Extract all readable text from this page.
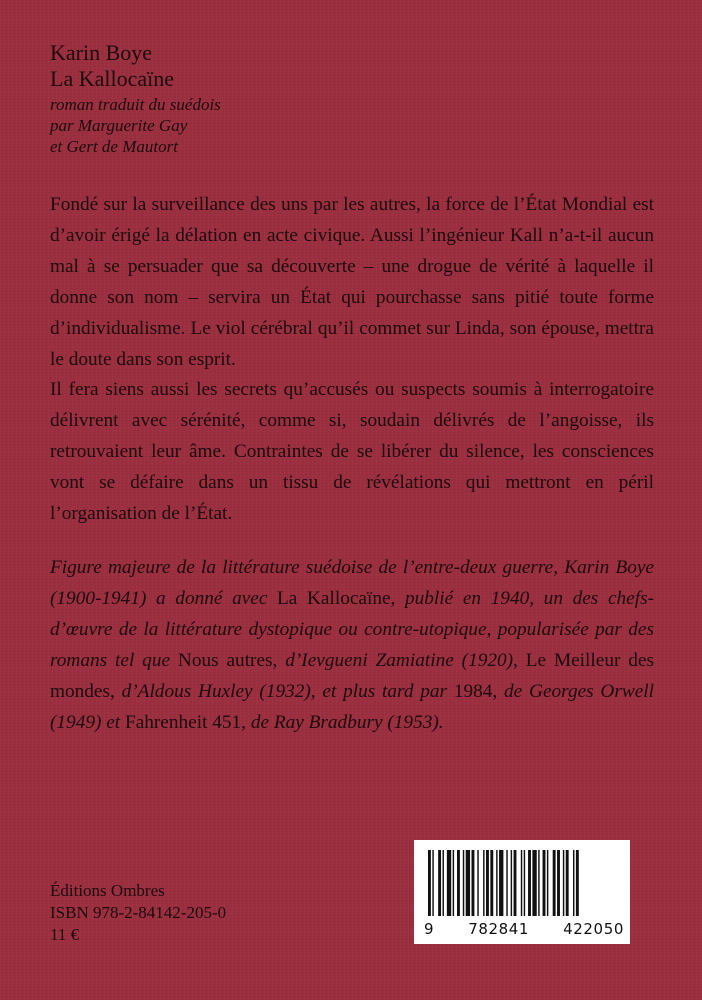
Karin Boye
La Kallocaïne
roman traduit du suédois
par Marguerite Gay
et Gert de Mautort

Fondé sur la surveillance des uns par les autres, la force de l’État Mondial est d’avoir érigé la délation en acte civique. Aussi l’ingénieur Kall n’a-t-il aucun mal à se persuader que sa découverte – une drogue de vérité à laquelle il donne son nom – servira un État qui pourchasse sans pitié toute forme d’individualisme. Le viol cérébral qu’il commet sur Linda, son épouse, mettra le doute dans son esprit.

Il fera siens aussi les secrets qu’accusés ou suspects soumis à interrogatoire délivrent avec sérénité, comme si, soudain délivrés de l’angoisse, ils retrouvaient leur âme. Contraintes de se libérer du silence, les consciences vont se défaire dans un tissu de révélations qui mettront en péril l’organisation de l’État.

Figure majeure de la littérature suédoise de l’entre-deux guerre, Karin Boye (1900-1941) a donné avec La Kallocaïne, publié en 1940, un des chefs-d’œuvre de la littérature dystopique ou contre-utopique, popularisée par des romans tel que Nous autres, d’Ievgueni Zamiatine (1920), Le Meilleur des mondes, d’Aldous Huxley (1932), et plus tard par 1984, de Georges Orwell (1949) et Fahrenheit 451, de Ray Bradbury (1953).

Éditions Ombres
ISBN 978-2-84142-205-0
11 €	9 782841 422050
